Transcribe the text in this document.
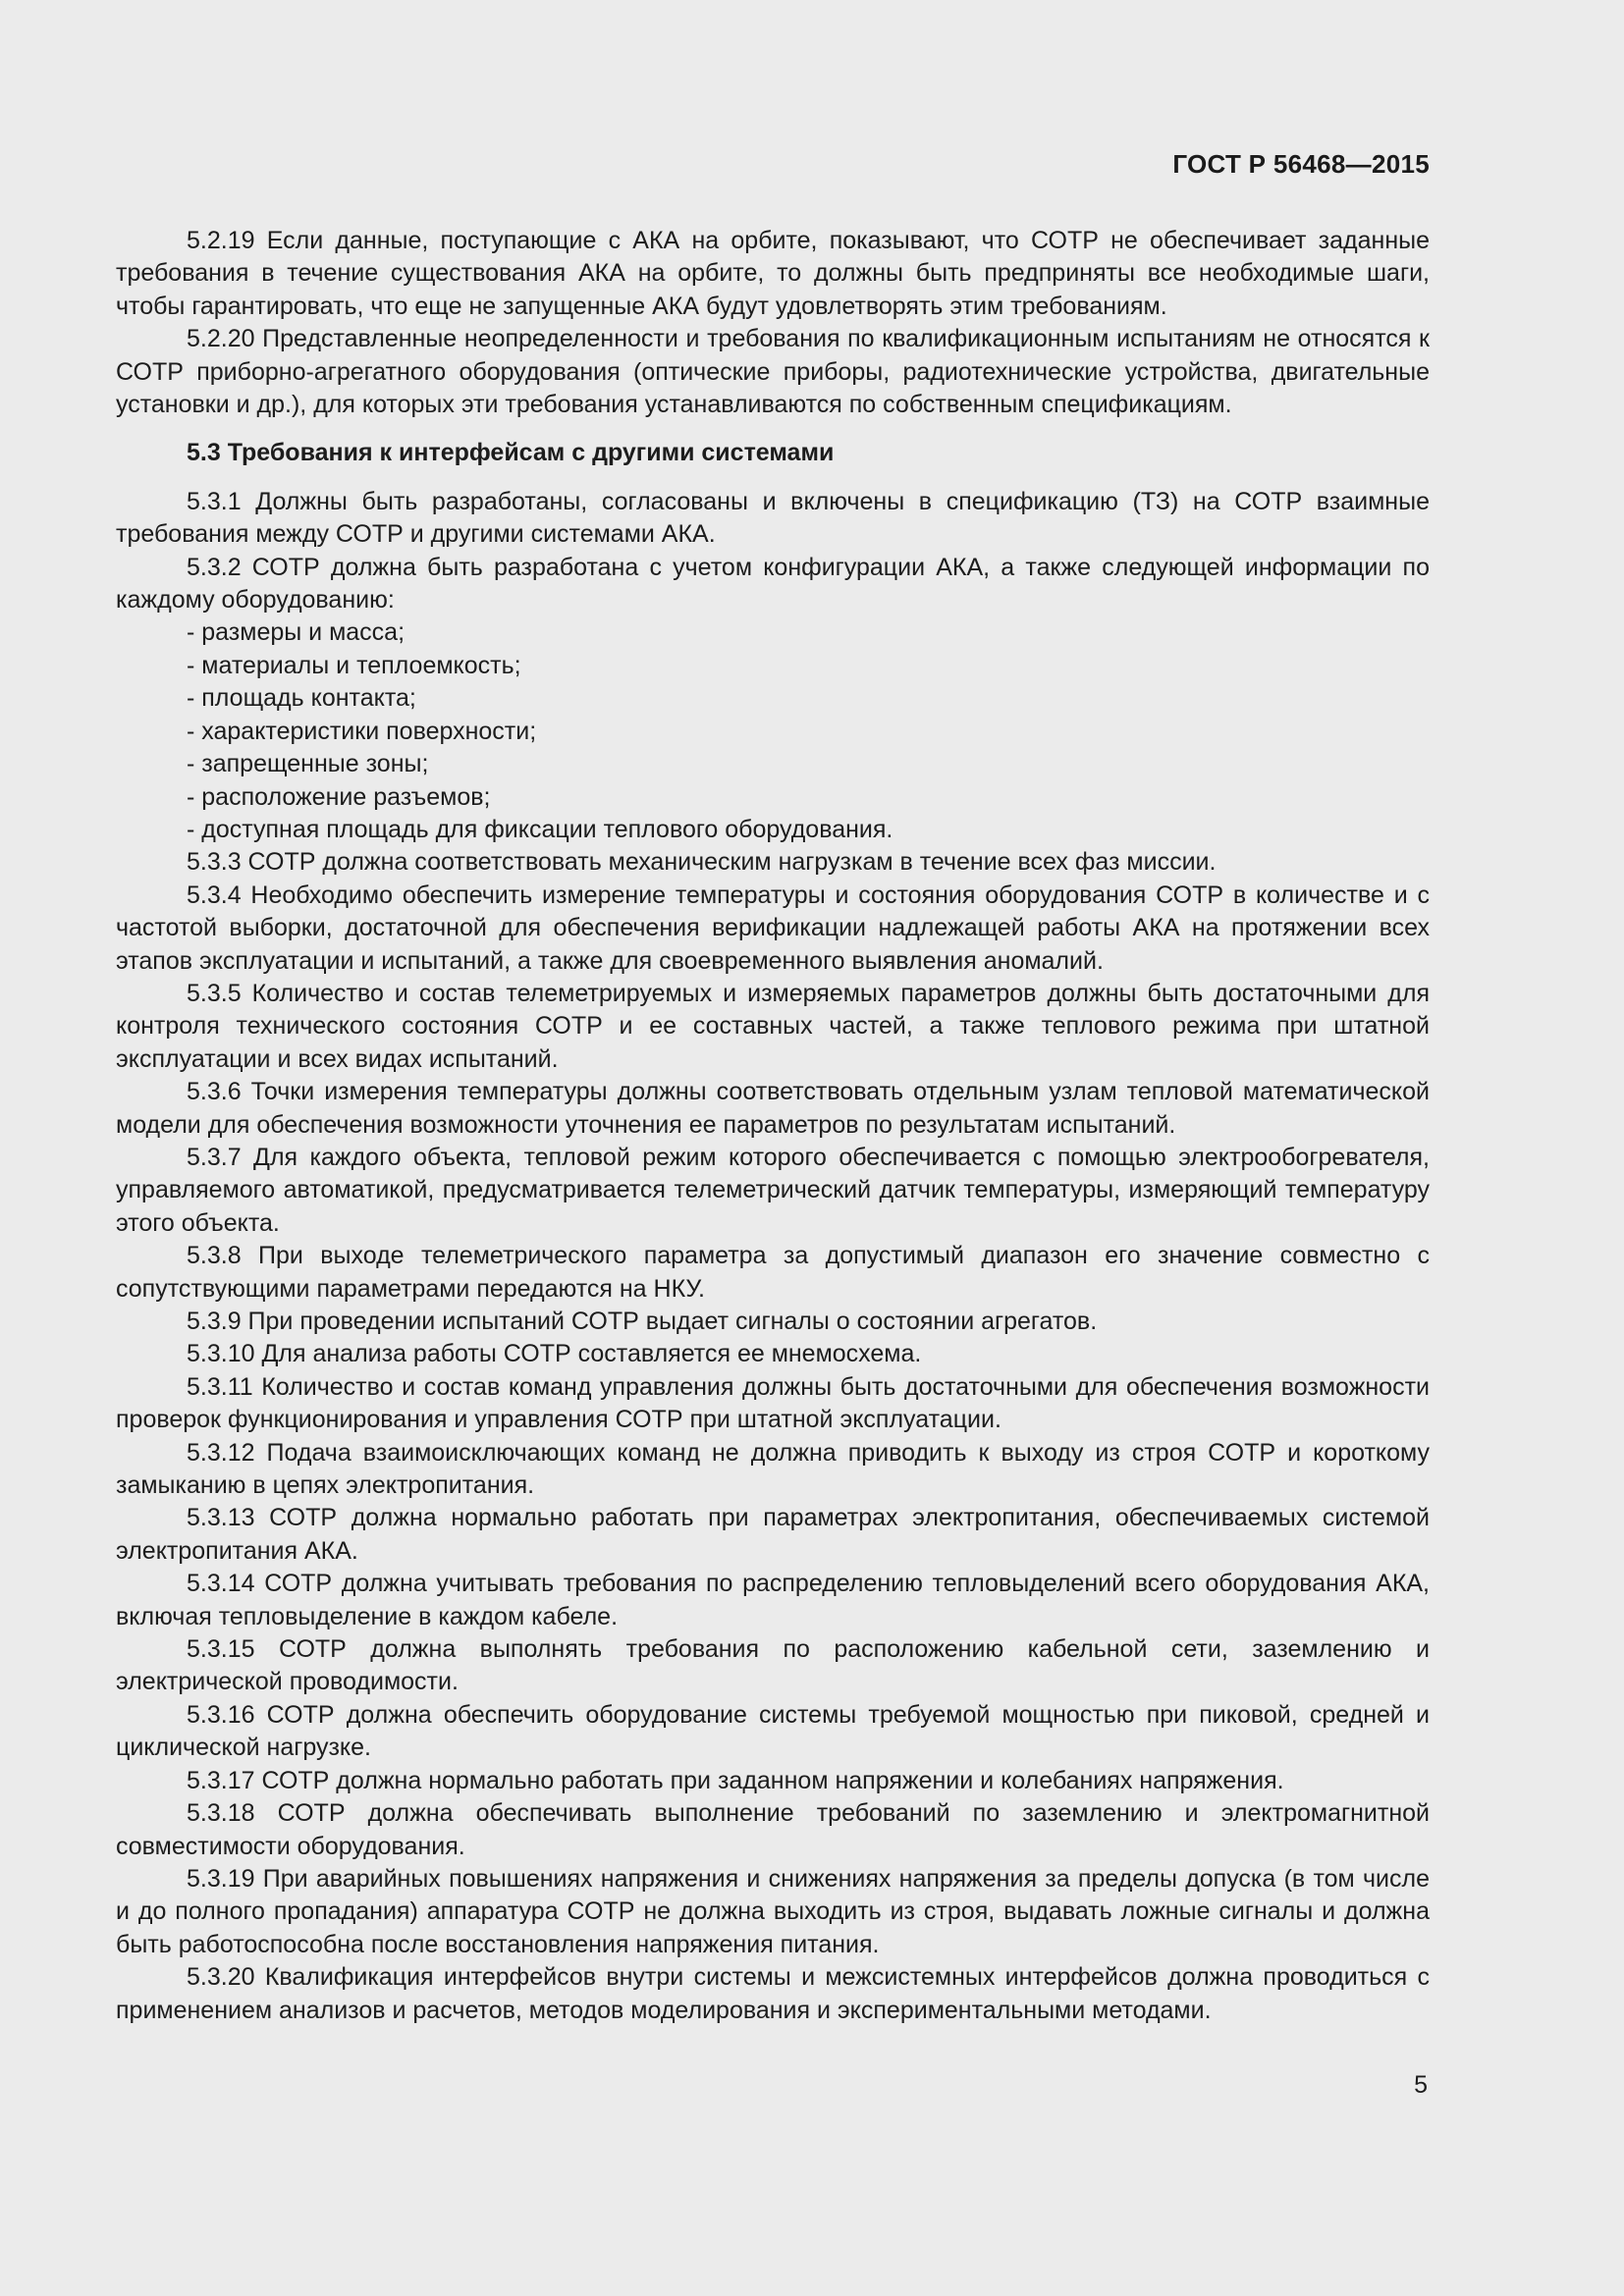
ГОСТ Р 56468—2015

5.2.19 Если данные, поступающие с АКА на орбите, показывают, что СОТР не обеспечивает заданные требования в течение существования АКА на орбите, то должны быть предприняты все необходимые шаги, чтобы гарантировать, что еще не запущенные АКА будут удовлетворять этим требованиям.

5.2.20 Представленные неопределенности и требования по квалификационным испытаниям не относятся к СОТР приборно-агрегатного оборудования (оптические приборы, радиотехнические устройства, двигательные установки и др.), для которых эти требования устанавливаются по собственным спецификациям.

5.3 Требования к интерфейсам с другими системами

5.3.1 Должны быть разработаны, согласованы и включены в спецификацию (ТЗ) на СОТР взаимные требования между СОТР и другими системами АКА.

5.3.2 СОТР должна быть разработана с учетом конфигурации АКА, а также следующей информации по каждому оборудованию:

- размеры и масса;

- материалы и теплоемкость;

- площадь контакта;

- характеристики поверхности;

- запрещенные зоны;

- расположение разъемов;

- доступная площадь для фиксации теплового оборудования.

5.3.3 СОТР должна соответствовать механическим нагрузкам в течение всех фаз миссии.

5.3.4 Необходимо обеспечить измерение температуры и состояния оборудования СОТР в количестве и с частотой выборки, достаточной для обеспечения верификации надлежащей работы АКА на протяжении всех этапов эксплуатации и испытаний, а также для своевременного выявления аномалий.

5.3.5 Количество и состав телеметрируемых и измеряемых параметров должны быть достаточными для контроля технического состояния СОТР и ее составных частей, а также теплового режима при штатной эксплуатации и всех видах испытаний.

5.3.6 Точки измерения температуры должны соответствовать отдельным узлам тепловой математической модели для обеспечения возможности уточнения ее параметров по результатам испытаний.

5.3.7 Для каждого объекта, тепловой режим которого обеспечивается с помощью электрообогревателя, управляемого автоматикой, предусматривается телеметрический датчик температуры, измеряющий температуру этого объекта.

5.3.8 При выходе телеметрического параметра за допустимый диапазон его значение совместно с сопутствующими параметрами передаются на НКУ.

5.3.9 При проведении испытаний СОТР выдает сигналы о состоянии агрегатов.

5.3.10 Для анализа работы СОТР составляется ее мнемосхема.

5.3.11 Количество и состав команд управления должны быть достаточными для обеспечения возможности проверок функционирования и управления СОТР при штатной эксплуатации.

5.3.12 Подача взаимоисключающих команд не должна приводить к выходу из строя СОТР и короткому замыканию в цепях электропитания.

5.3.13 СОТР должна нормально работать при параметрах электропитания, обеспечиваемых системой электропитания АКА.

5.3.14 СОТР должна учитывать требования по распределению тепловыделений всего оборудования АКА, включая тепловыделение в каждом кабеле.

5.3.15 СОТР должна выполнять требования по расположению кабельной сети, заземлению и электрической проводимости.

5.3.16 СОТР должна обеспечить оборудование системы требуемой мощностью при пиковой, средней и циклической нагрузке.

5.3.17 СОТР должна нормально работать при заданном напряжении и колебаниях напряжения.

5.3.18 СОТР должна обеспечивать выполнение требований по заземлению и электромагнитной совместимости оборудования.

5.3.19 При аварийных повышениях напряжения и снижениях напряжения за пределы допуска (в том числе и до полного пропадания) аппаратура СОТР не должна выходить из строя, выдавать ложные сигналы и должна быть работоспособна после восстановления напряжения питания.

5.3.20 Квалификация интерфейсов внутри системы и межсистемных интерфейсов должна проводиться с применением анализов и расчетов, методов моделирования и экспериментальными методами.

5
